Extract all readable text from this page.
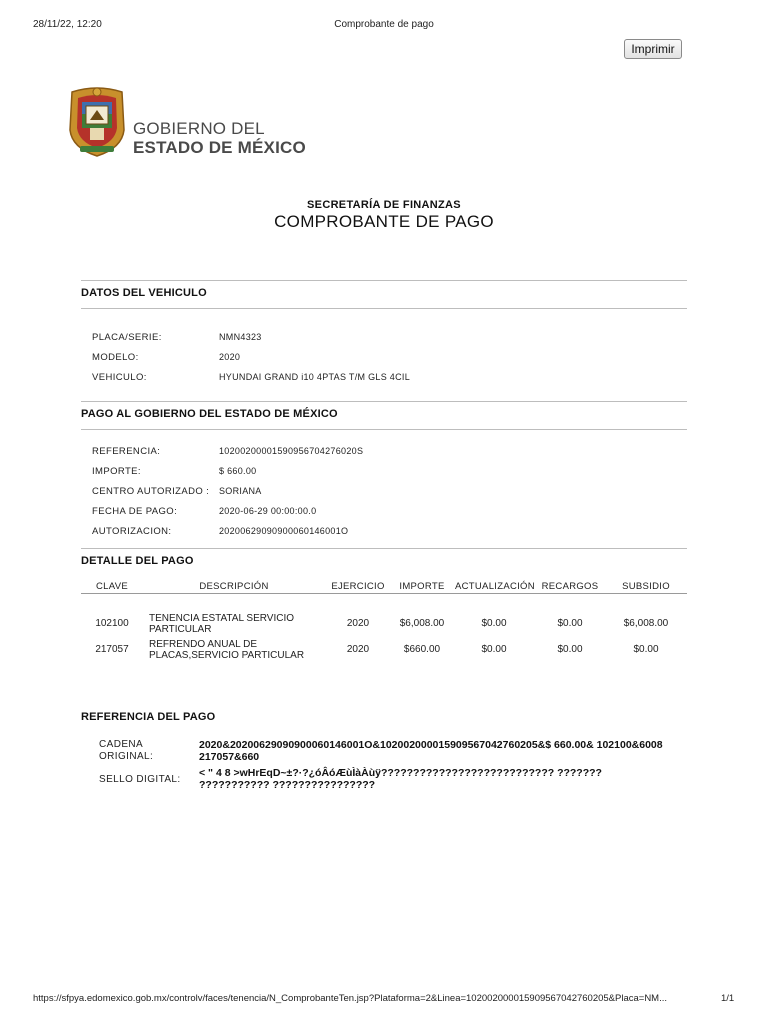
28/11/22, 12:20	Comprobante de pago
Imprimir
GOBIERNO DEL
ESTADO DE MÉXICO
SECRETARÍA DE FINANZAS
COMPROBANTE DE PAGO
DATOS DEL VEHICULO
PLACA/SERIE:	NMN4323
MODELO:	2020
VEHICULO:	HYUNDAI GRAND i10 4PTAS T/M GLS 4CIL
PAGO AL GOBIERNO DEL ESTADO DE MÉXICO
REFERENCIA:	10200200001590956704276020S
IMPORTE:	$ 660.00
CENTRO AUTORIZADO : SORIANA
FECHA DE PAGO:	2020-06-29 00:00:00.0
AUTORIZACION:	20200629090900060146001O
DETALLE DEL PAGO
CLAVE	DESCRIPCIÓN	EJERCICIO	IMPORTE	ACTUALIZACIÓN	RECARGOS	SUBSIDIO

102100	TENENCIA ESTATAL SERVICIO PARTICULAR	2020	$6,008.00	$0.00	$0.00	$6,008.00
217057	REFRENDO ANUAL DE PLACAS,SERVICIO PARTICULAR	2020	$660.00	$0.00	$0.00	$0.00
REFERENCIA DEL PAGO
CADENA ORIGINAL:
2020&20200629090900060146001O&102002000015909567042760205&$ 660.00& 102100&6008 217057&660
SELLO DIGITAL:
< " 4 8 >wHrEqD~±?·?¿óÂóÆùÌàÀùÿ??????????????????????????? ??????? ??????????? ????????????????
https://sfpya.edomexico.gob.mx/controlv/faces/tenencia/N_ComprobanteTen.jsp?Plataforma=2&Linea=102002000015909567042760205&Placa=NM...	1/1
